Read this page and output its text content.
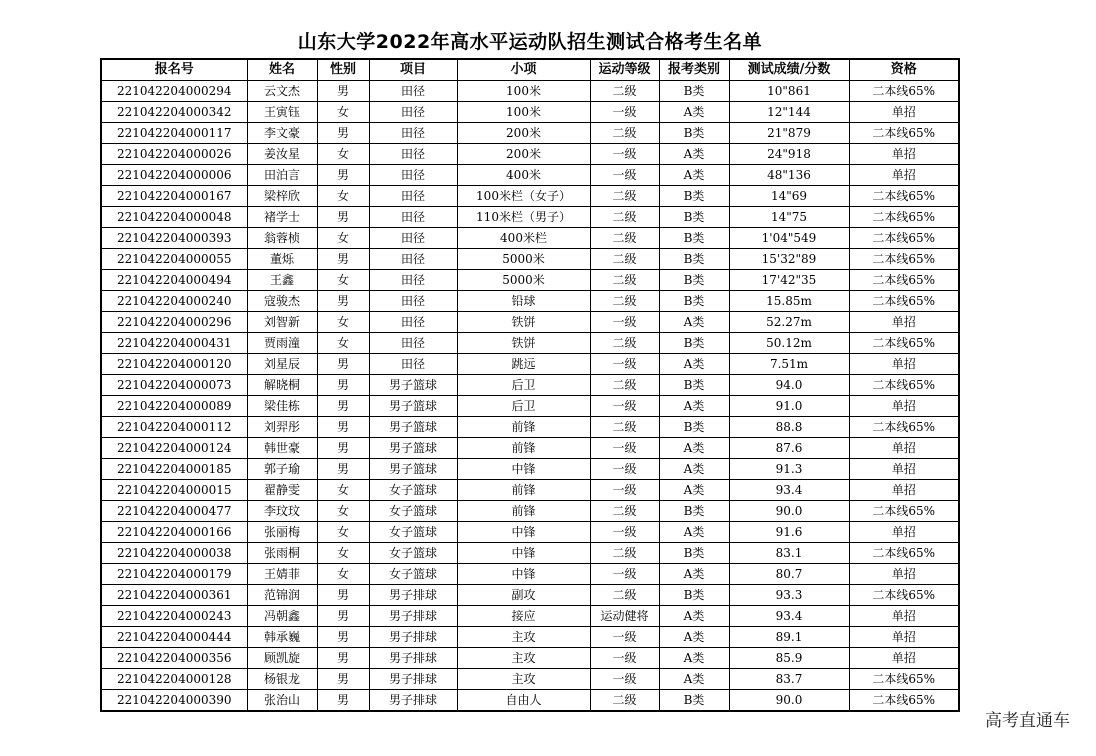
山东大学2022年高水平运动队招生测试合格考生名单
报名号	姓名	性别	项目	小项	运动等级	报考类别	测试成绩/分数	资格
221042204000294	云文杰	男	田径	100米	二级	B类	10"861	二本线65%
221042204000342	王寅钰	女	田径	100米	一级	A类	12"144	单招
221042204000117	李文豪	男	田径	200米	二级	B类	21"879	二本线65%
221042204000026	姜汝星	女	田径	200米	一级	A类	24"918	单招
221042204000006	田泊言	男	田径	400米	一级	A类	48"136	单招
221042204000167	梁梓欣	女	田径	100米栏（女子）	二级	B类	14"69	二本线65%
221042204000048	褚学士	男	田径	110米栏（男子）	二级	B类	14"75	二本线65%
221042204000393	翁蓉桢	女	田径	400米栏	二级	B类	1'04"549	二本线65%
221042204000055	董烁	男	田径	5000米	二级	B类	15'32"89	二本线65%
221042204000494	王鑫	女	田径	5000米	二级	B类	17'42"35	二本线65%
221042204000240	寇骏杰	男	田径	铅球	二级	B类	15.85m	二本线65%
221042204000296	刘智新	女	田径	铁饼	一级	A类	52.27m	单招
221042204000431	贾雨潼	女	田径	铁饼	二级	B类	50.12m	二本线65%
221042204000120	刘星辰	男	田径	跳远	一级	A类	7.51m	单招
221042204000073	解晓桐	男	男子篮球	后卫	二级	B类	94.0	二本线65%
221042204000089	梁佳栋	男	男子篮球	后卫	一级	A类	91.0	单招
221042204000112	刘羿彤	男	男子篮球	前锋	二级	B类	88.8	二本线65%
221042204000124	韩世豪	男	男子篮球	前锋	一级	A类	87.6	单招
221042204000185	郭子瑜	男	男子篮球	中锋	一级	A类	91.3	单招
221042204000015	翟静雯	女	女子篮球	前锋	一级	A类	93.4	单招
221042204000477	李玟玟	女	女子篮球	前锋	二级	B类	90.0	二本线65%
221042204000166	张丽梅	女	女子篮球	中锋	一级	A类	91.6	单招
221042204000038	张雨桐	女	女子篮球	中锋	二级	B类	83.1	二本线65%
221042204000179	王婧菲	女	女子篮球	中锋	一级	A类	80.7	单招
221042204000361	范锦润	男	男子排球	副攻	二级	B类	93.3	二本线65%
221042204000243	冯朝鑫	男	男子排球	接应	运动健将	A类	93.4	单招
221042204000444	韩承巍	男	男子排球	主攻	一级	A类	89.1	单招
221042204000356	顾凯旋	男	男子排球	主攻	一级	A类	85.9	单招
221042204000128	杨银龙	男	男子排球	主攻	一级	A类	83.7	二本线65%
221042204000390	张治山	男	男子排球	自由人	二级	B类	90.0	二本线65%
高考直通车
